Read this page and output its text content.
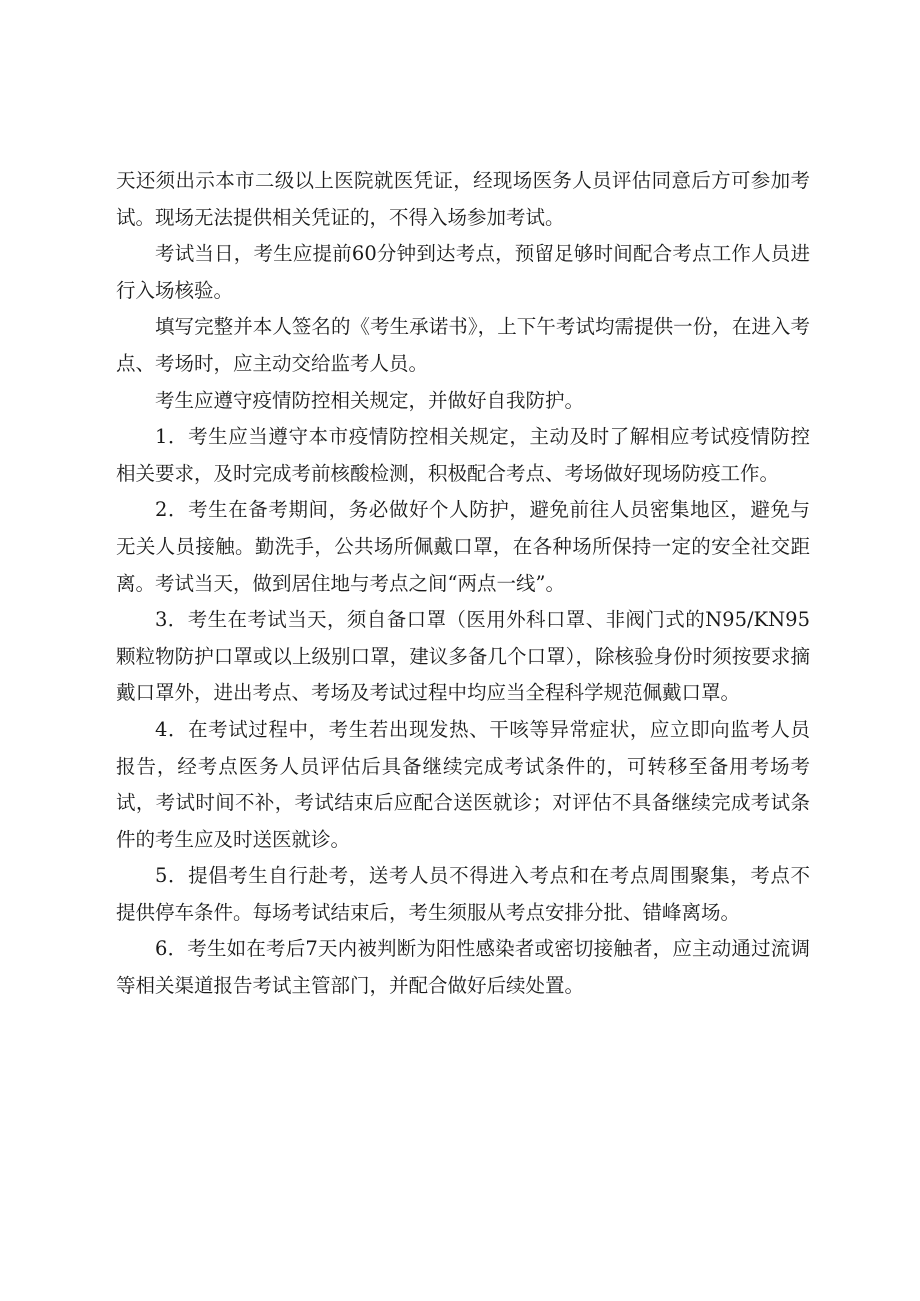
天还须出示本市二级以上医院就医凭证，经现场医务人员评估同意后方可参加考试。现场无法提供相关凭证的，不得入场参加考试。

考试当日，考生应提前60分钟到达考点，预留足够时间配合考点工作人员进行入场核验。

填写完整并本人签名的《考生承诺书》，上下午考试均需提供一份，在进入考点、考场时，应主动交给监考人员。

考生应遵守疫情防控相关规定，并做好自我防护。

1．考生应当遵守本市疫情防控相关规定，主动及时了解相应考试疫情防控相关要求，及时完成考前核酸检测，积极配合考点、考场做好现场防疫工作。

2．考生在备考期间，务必做好个人防护，避免前往人员密集地区，避免与无关人员接触。勤洗手，公共场所佩戴口罩，在各种场所保持一定的安全社交距离。考试当天，做到居住地与考点之间“两点一线”。

3．考生在考试当天，须自备口罩（医用外科口罩、非阀门式的N95/KN95颗粒物防护口罩或以上级别口罩，建议多备几个口罩），除核验身份时须按要求摘戴口罩外，进出考点、考场及考试过程中均应当全程科学规范佩戴口罩。

4．在考试过程中，考生若出现发热、干咳等异常症状，应立即向监考人员报告，经考点医务人员评估后具备继续完成考试条件的，可转移至备用考场考试，考试时间不补，考试结束后应配合送医就诊；对评估不具备继续完成考试条件的考生应及时送医就诊。

5．提倡考生自行赴考，送考人员不得进入考点和在考点周围聚集，考点不提供停车条件。每场考试结束后，考生须服从考点安排分批、错峰离场。

6．考生如在考后7天内被判断为阳性感染者或密切接触者，应主动通过流调等相关渠道报告考试主管部门，并配合做好后续处置。
